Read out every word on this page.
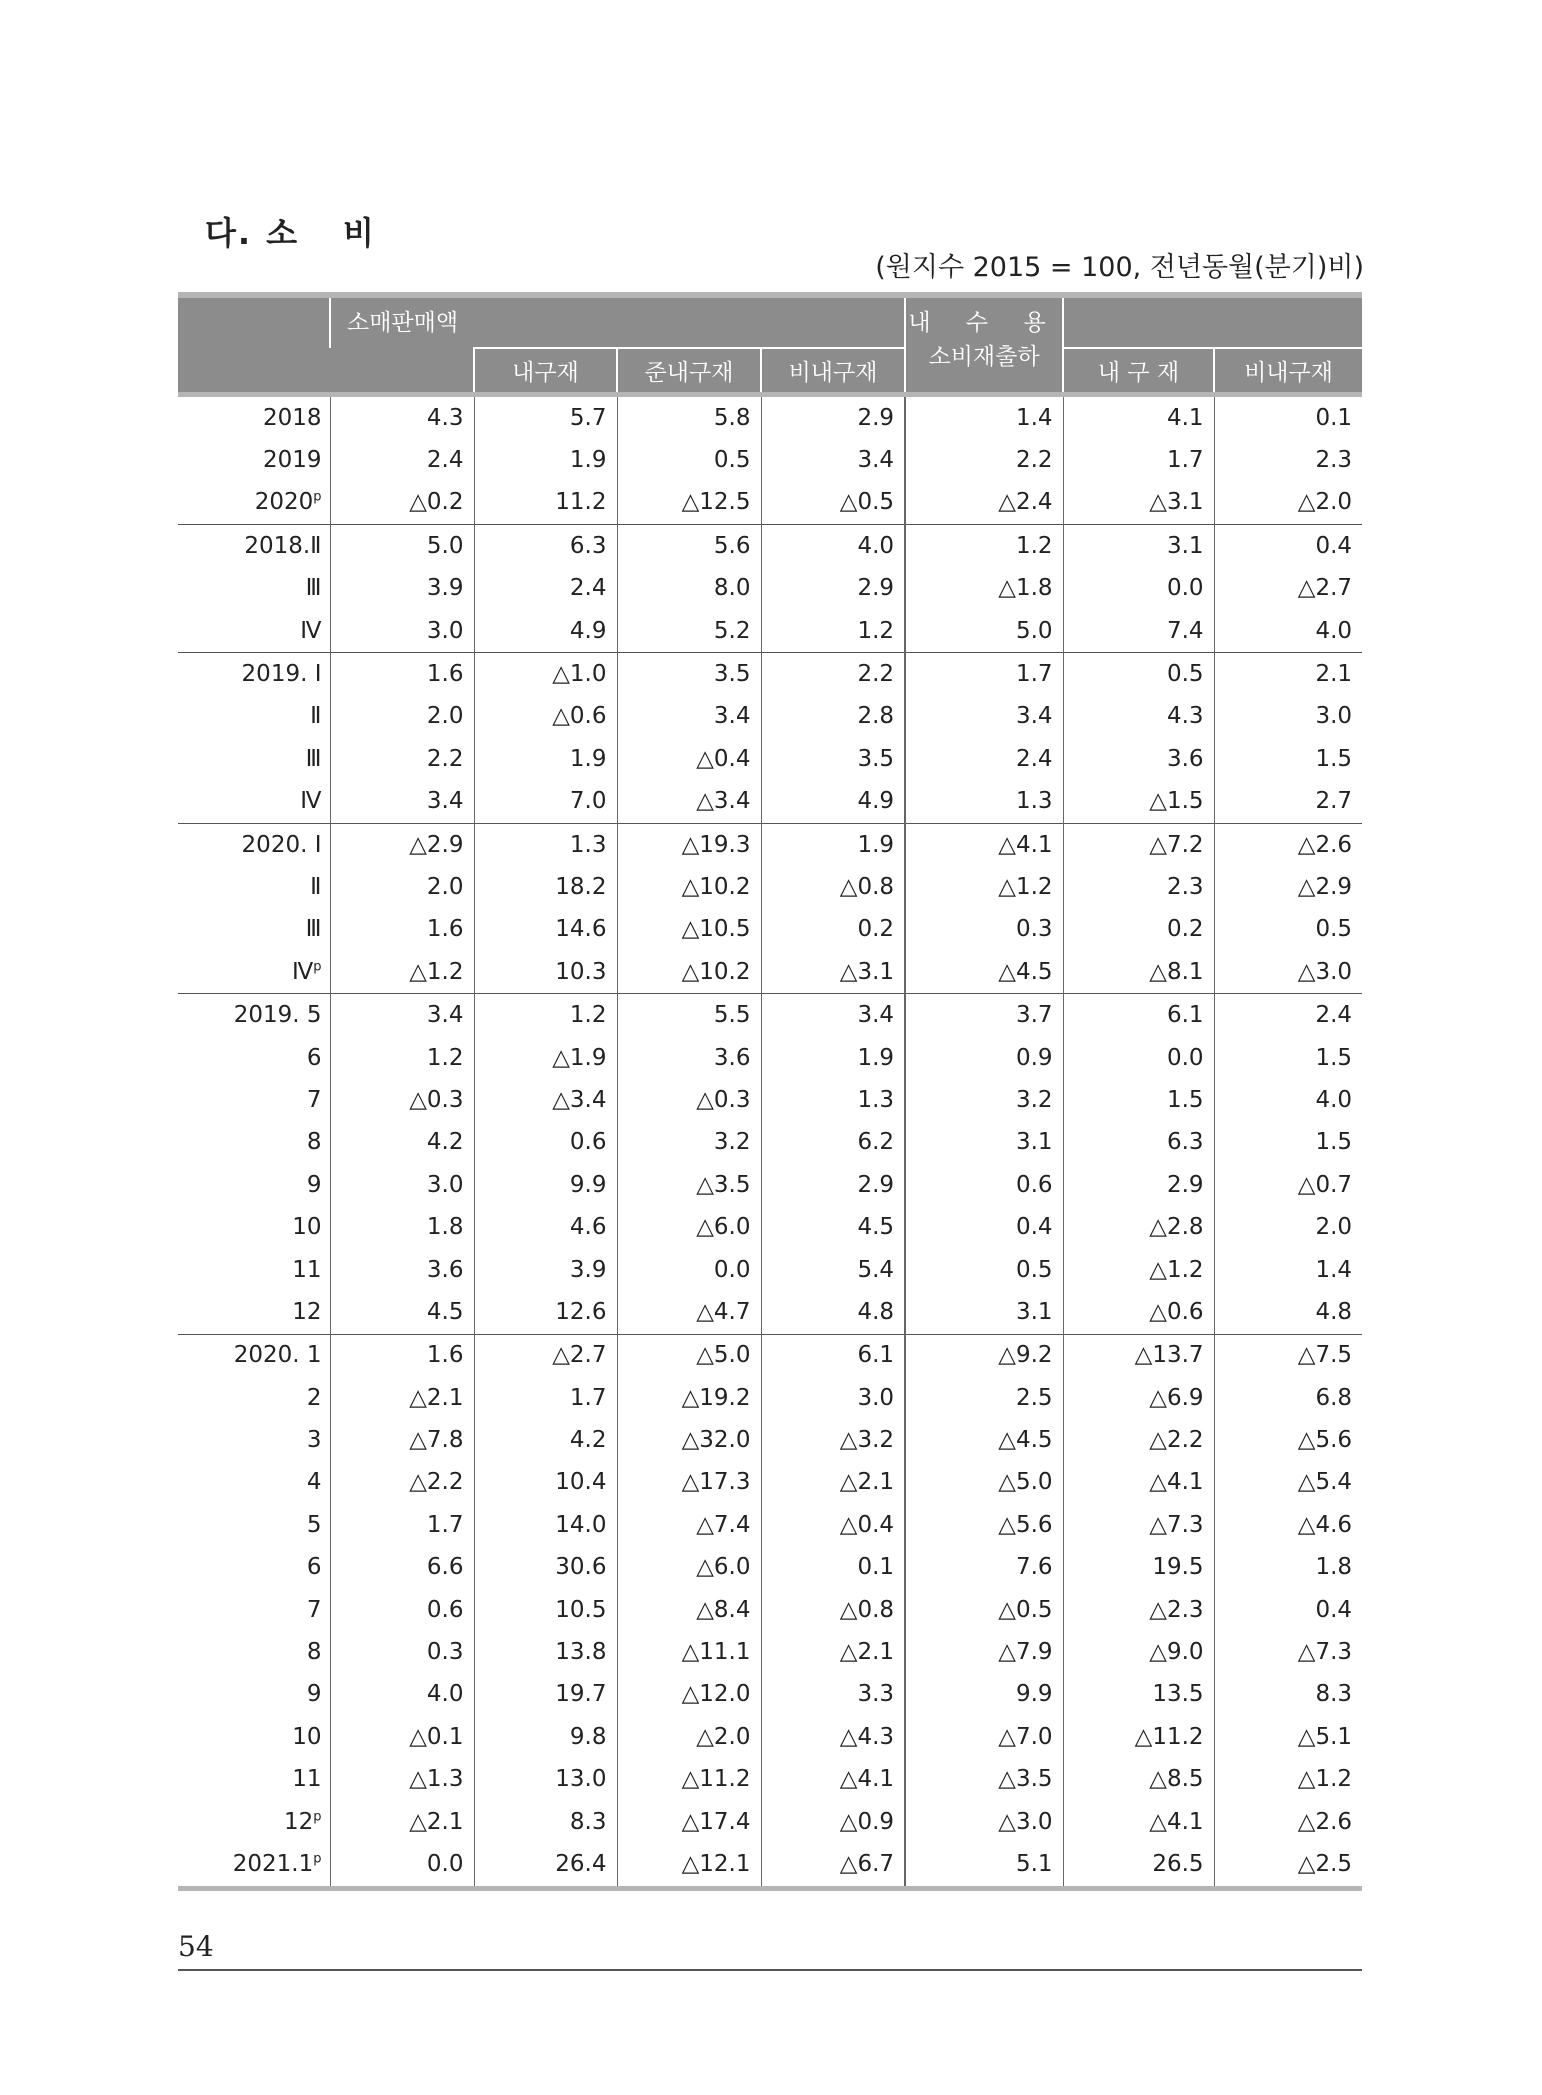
다. 소 비
(원지수 2015 = 100, 전년동월(분기)비)
	소매판매액				내 수 용
소비재출하		
		내구재	준내구재	비내구재		내 구 재	비내구재
2018	4.3	5.7	5.8	2.9	1.4	4.1	0.1
2019	2.4	1.9	0.5	3.4	2.2	1.7	2.3
2020$^p$	△0.2	11.2	△12.5	△0.5	△2.4	△3.1	△2.0
2018.Ⅱ	5.0	6.3	5.6	4.0	1.2	3.1	0.4
Ⅲ	3.9	2.4	8.0	2.9	△1.8	0.0	△2.7
Ⅳ	3.0	4.9	5.2	1.2	5.0	7.4	4.0
2019. Ⅰ	1.6	△1.0	3.5	2.2	1.7	0.5	2.1
Ⅱ	2.0	△0.6	3.4	2.8	3.4	4.3	3.0
Ⅲ	2.2	1.9	△0.4	3.5	2.4	3.6	1.5
Ⅳ	3.4	7.0	△3.4	4.9	1.3	△1.5	2.7
2020. Ⅰ	△2.9	1.3	△19.3	1.9	△4.1	△7.2	△2.6
Ⅱ	2.0	18.2	△10.2	△0.8	△1.2	2.3	△2.9
Ⅲ	1.6	14.6	△10.5	0.2	0.3	0.2	0.5
Ⅳ$^p$	△1.2	10.3	△10.2	△3.1	△4.5	△8.1	△3.0
2019. 5	3.4	1.2	5.5	3.4	3.7	6.1	2.4
6	1.2	△1.9	3.6	1.9	0.9	0.0	1.5
7	△0.3	△3.4	△0.3	1.3	3.2	1.5	4.0
8	4.2	0.6	3.2	6.2	3.1	6.3	1.5
9	3.0	9.9	△3.5	2.9	0.6	2.9	△0.7
10	1.8	4.6	△6.0	4.5	0.4	△2.8	2.0
11	3.6	3.9	0.0	5.4	0.5	△1.2	1.4
12	4.5	12.6	△4.7	4.8	3.1	△0.6	4.8
2020. 1	1.6	△2.7	△5.0	6.1	△9.2	△13.7	△7.5
2	△2.1	1.7	△19.2	3.0	2.5	△6.9	6.8
3	△7.8	4.2	△32.0	△3.2	△4.5	△2.2	△5.6
4	△2.2	10.4	△17.3	△2.1	△5.0	△4.1	△5.4
5	1.7	14.0	△7.4	△0.4	△5.6	△7.3	△4.6
6	6.6	30.6	△6.0	0.1	7.6	19.5	1.8
7	0.6	10.5	△8.4	△0.8	△0.5	△2.3	0.4
8	0.3	13.8	△11.1	△2.1	△7.9	△9.0	△7.3
9	4.0	19.7	△12.0	3.3	9.9	13.5	8.3
10	△0.1	9.8	△2.0	△4.3	△7.0	△11.2	△5.1
11	△1.3	13.0	△11.2	△4.1	△3.5	△8.5	△1.2
12$^p$	△2.1	8.3	△17.4	△0.9	△3.0	△4.1	△2.6
2021.1$^p$	0.0	26.4	△12.1	△6.7	5.1	26.5	△2.5
54
